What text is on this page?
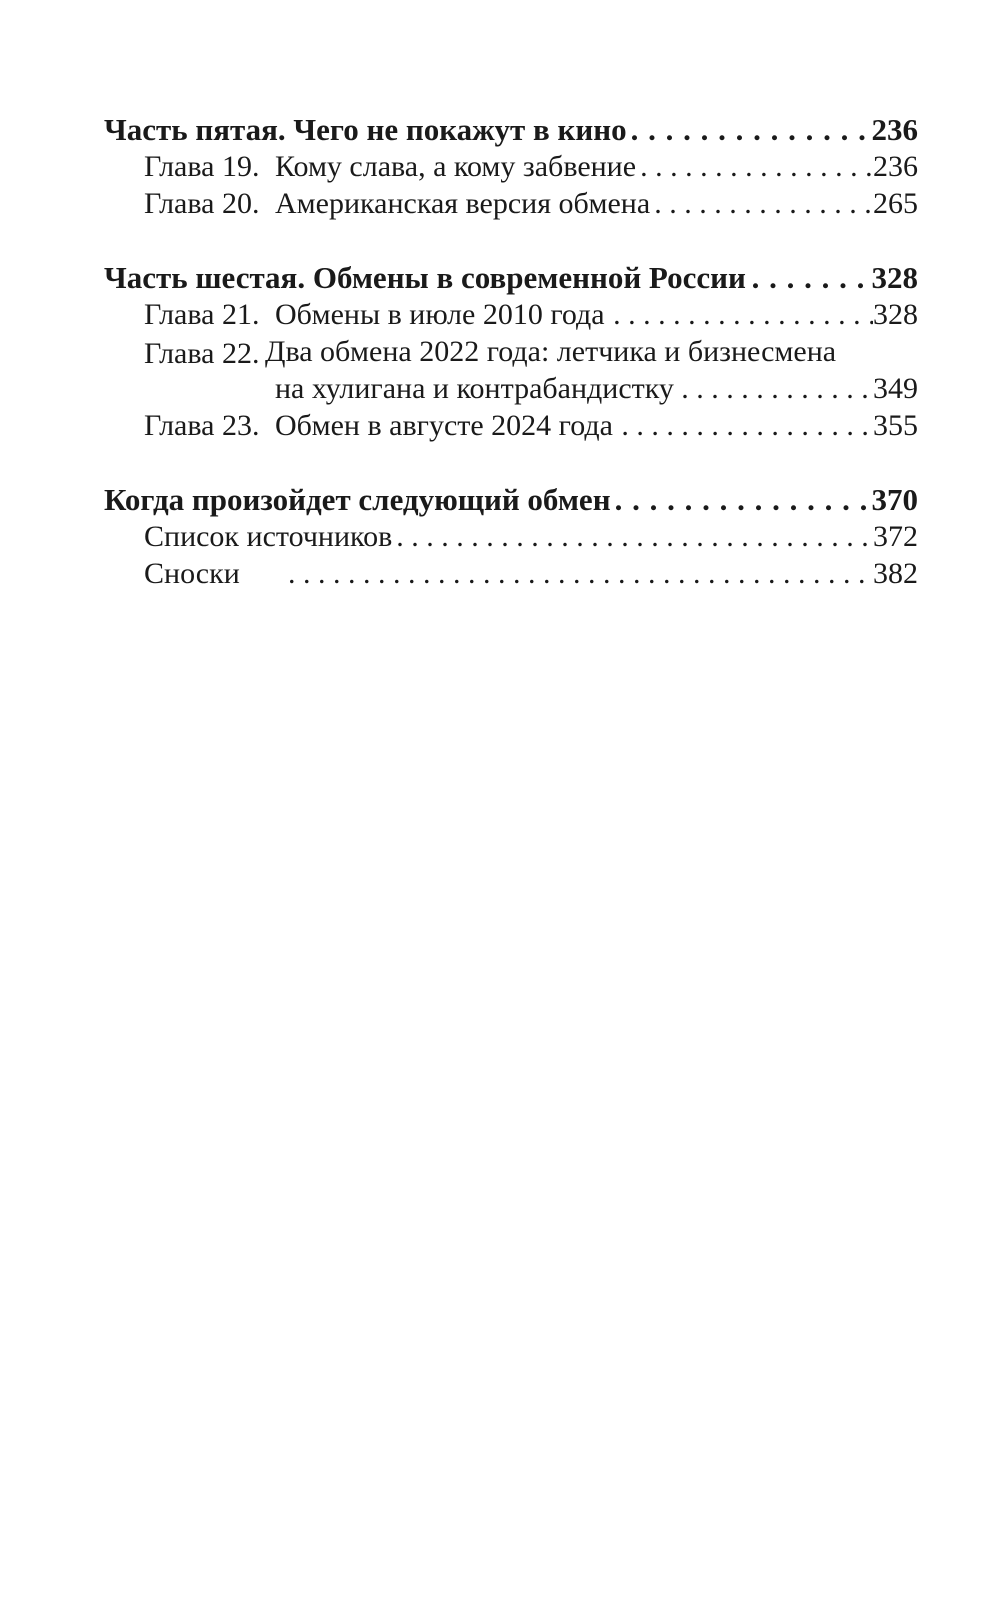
Часть пятая. Чего не покажут в кино . . .	236
Глава 19. Кому слава, а кому забвение . . .	236
Глава 20. Американская версия обмена . . .	265
Часть шестая. Обмены в современной России . . .	328
Глава 21. Обмены в июле 2010 года . . .	328
Глава 22. Два обмена 2022 года: летчика и бизнесмена
на хулигана и контрабандистку . . .	349
Глава 23. Обмен в августе 2024 года . . .	355
Когда произойдет следующий обмен . . .	370
Список источников . . .	372
Сноски . . .	382
